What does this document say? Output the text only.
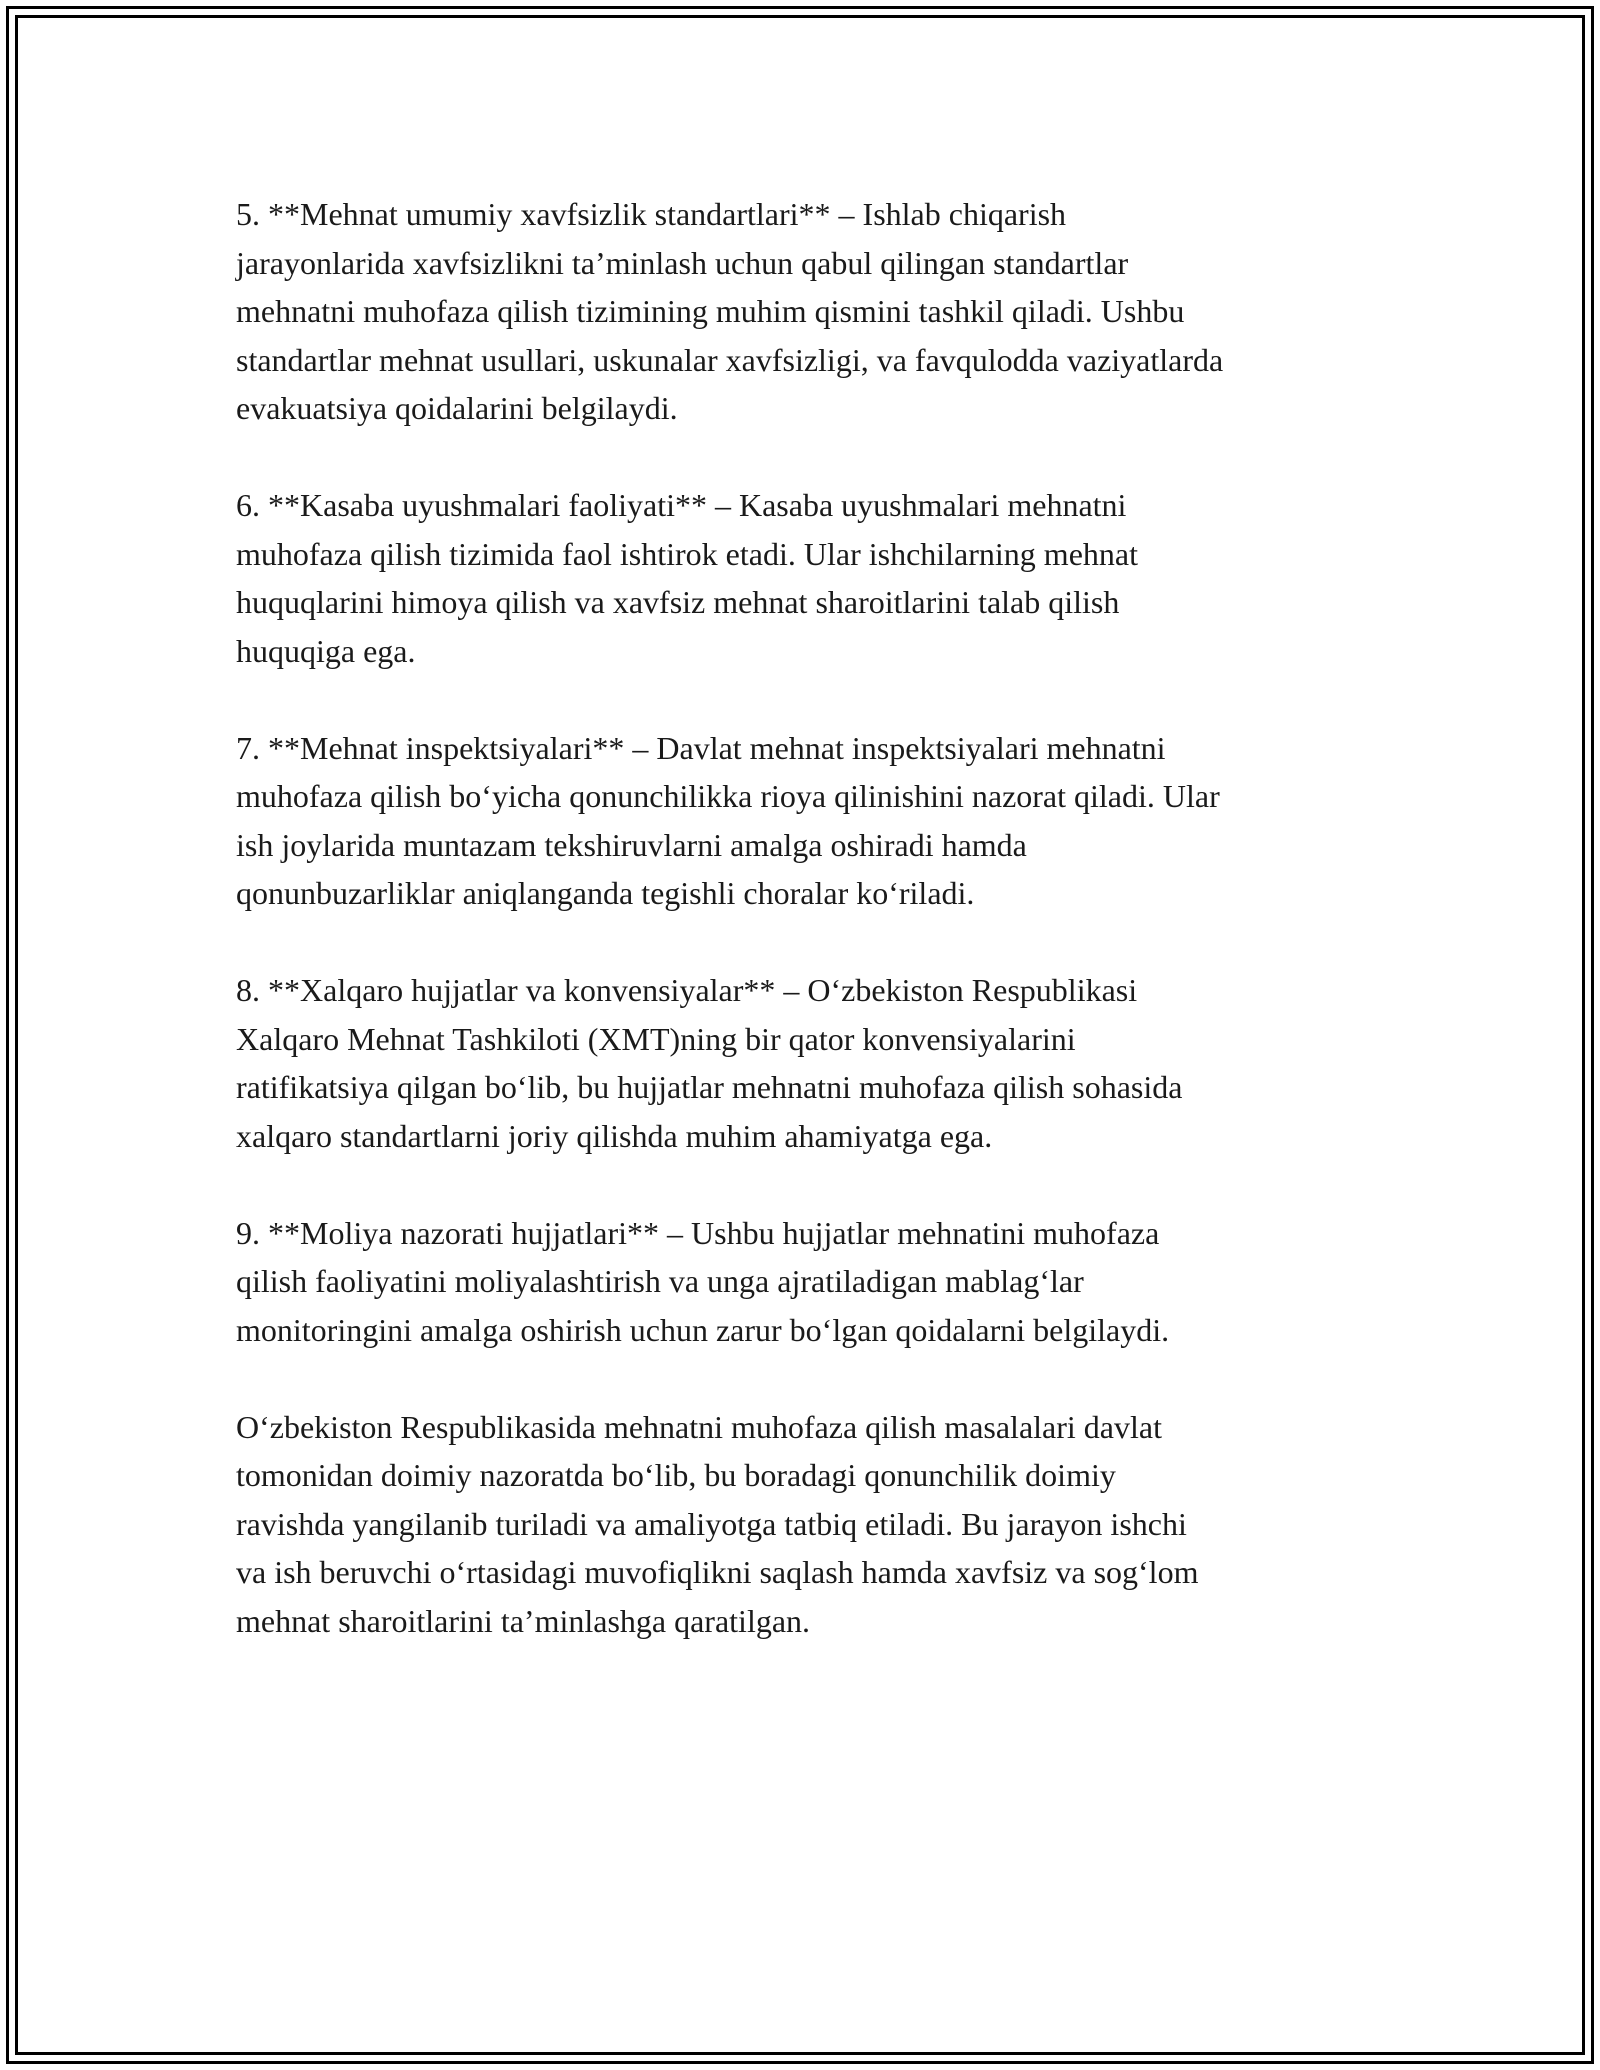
5. **Mehnat umumiy xavfsizlik standartlari** – Ishlab chiqarish
jarayonlarida xavfsizlikni ta’minlash uchun qabul qilingan standartlar
mehnatni muhofaza qilish tizimining muhim qismini tashkil qiladi. Ushbu
standartlar mehnat usullari, uskunalar xavfsizligi, va favqulodda vaziyatlarda
evakuatsiya qoidalarini belgilaydi.

6. **Kasaba uyushmalari faoliyati** – Kasaba uyushmalari mehnatni
muhofaza qilish tizimida faol ishtirok etadi. Ular ishchilarning mehnat
huquqlarini himoya qilish va xavfsiz mehnat sharoitlarini talab qilish
huquqiga ega.

7. **Mehnat inspektsiyalari** – Davlat mehnat inspektsiyalari mehnatni
muhofaza qilish bo‘yicha qonunchilikka rioya qilinishini nazorat qiladi. Ular
ish joylarida muntazam tekshiruvlarni amalga oshiradi hamda
qonunbuzarliklar aniqlanganda tegishli choralar ko‘riladi.

8. **Xalqaro hujjatlar va konvensiyalar** – O‘zbekiston Respublikasi
Xalqaro Mehnat Tashkiloti (XMT)ning bir qator konvensiyalarini
ratifikatsiya qilgan bo‘lib, bu hujjatlar mehnatni muhofaza qilish sohasida
xalqaro standartlarni joriy qilishda muhim ahamiyatga ega.

9. **Moliya nazorati hujjatlari** – Ushbu hujjatlar mehnatini muhofaza
qilish faoliyatini moliyalashtirish va unga ajratiladigan mablag‘lar
monitoringini amalga oshirish uchun zarur bo‘lgan qoidalarni belgilaydi.

O‘zbekiston Respublikasida mehnatni muhofaza qilish masalalari davlat
tomonidan doimiy nazoratda bo‘lib, bu boradagi qonunchilik doimiy
ravishda yangilanib turiladi va amaliyotga tatbiq etiladi. Bu jarayon ishchi
va ish beruvchi o‘rtasidagi muvofiqlikni saqlash hamda xavfsiz va sog‘lom
mehnat sharoitlarini ta’minlashga qaratilgan.
